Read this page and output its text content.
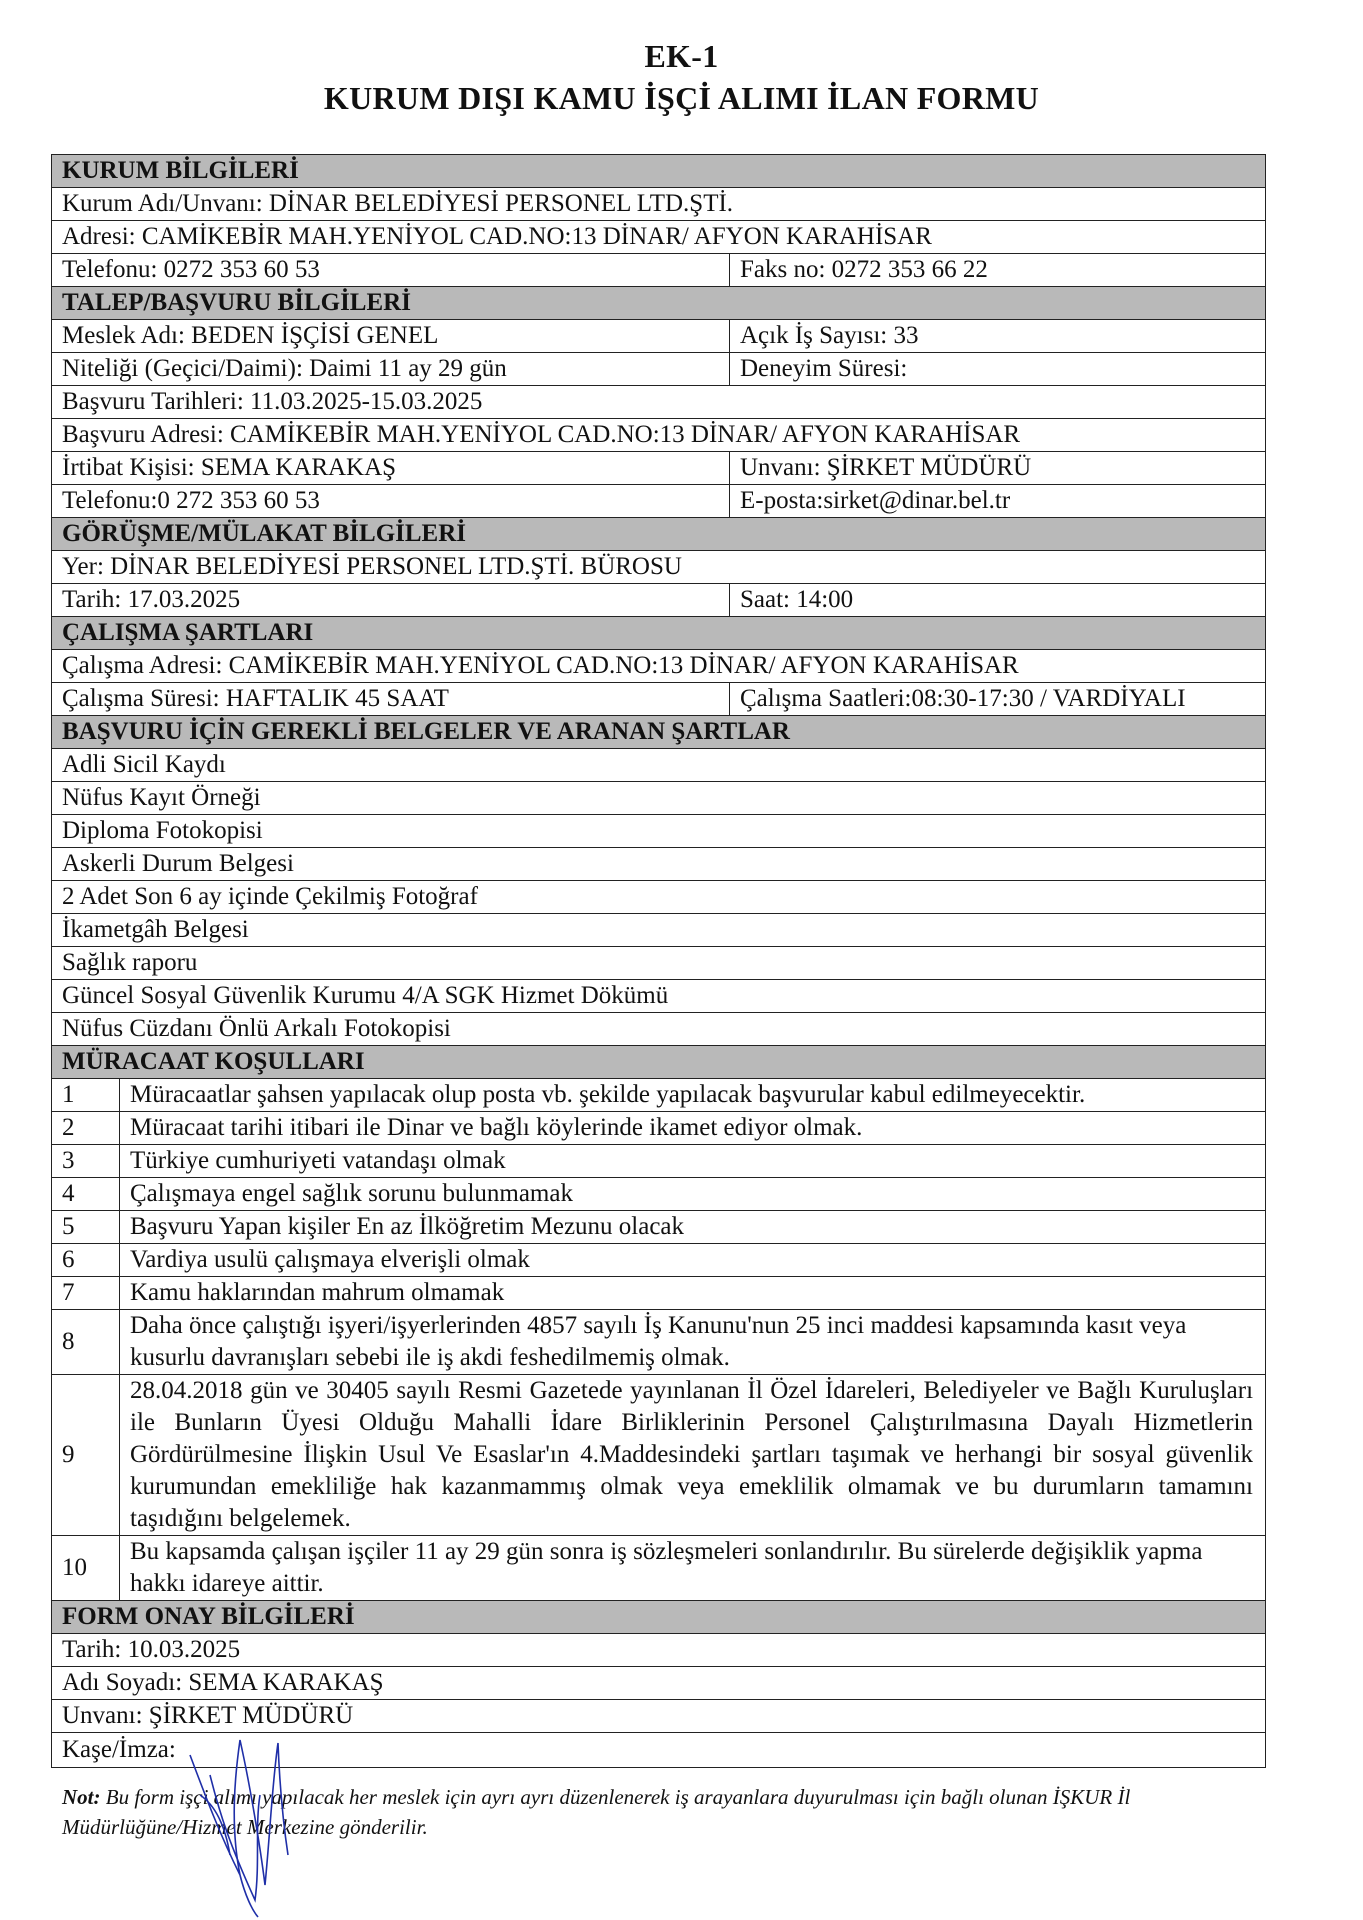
EK-1
KURUM DIŞI KAMU İŞÇİ ALIMI İLAN FORMU
KURUM BİLGİLERİ		
Kurum Adı/Unvanı: DİNAR BELEDİYESİ PERSONEL LTD.ŞTİ.		
Adresi: CAMİKEBİR MAH.YENİYOL CAD.NO:13 DİNAR/ AFYON KARAHİSAR		
Telefonu: 0272 353 60 53		Faks no: 0272 353 66 22
TALEP/BAŞVURU BİLGİLERİ		
Meslek Adı: BEDEN İŞÇİSİ GENEL		Açık İş Sayısı: 33
Niteliği (Geçici/Daimi): Daimi 11 ay 29 gün		Deneyim Süresi:
Başvuru Tarihleri: 11.03.2025-15.03.2025		
Başvuru Adresi: CAMİKEBİR MAH.YENİYOL CAD.NO:13 DİNAR/ AFYON KARAHİSAR		
İrtibat Kişisi: SEMA KARAKAŞ		Unvanı: ŞİRKET MÜDÜRÜ
Telefonu:0 272 353 60 53		E-posta:sirket@dinar.bel.tr
GÖRÜŞME/MÜLAKAT BİLGİLERİ		
Yer: DİNAR BELEDİYESİ PERSONEL LTD.ŞTİ. BÜROSU		
Tarih: 17.03.2025		Saat: 14:00
ÇALIŞMA ŞARTLARI		
Çalışma Adresi: CAMİKEBİR MAH.YENİYOL CAD.NO:13 DİNAR/ AFYON KARAHİSAR		
Çalışma Süresi: HAFTALIK 45 SAAT		Çalışma Saatleri:08:30-17:30 / VARDİYALI
BAŞVURU İÇİN GEREKLİ BELGELER VE ARANAN ŞARTLAR		
Adli Sicil Kaydı		
Nüfus Kayıt Örneği		
Diploma Fotokopisi		
Askerli Durum Belgesi		
2 Adet Son 6 ay içinde Çekilmiş Fotoğraf		
İkametgâh Belgesi		
Sağlık raporu		
Güncel Sosyal Güvenlik Kurumu 4/A SGK Hizmet Dökümü		
Nüfus Cüzdanı Önlü Arkalı Fotokopisi		
MÜRACAAT KOŞULLARI		
1	Müracaatlar şahsen yapılacak olup posta vb. şekilde yapılacak başvurular kabul edilmeyecektir.	
2	Müracaat tarihi itibari ile Dinar ve bağlı köylerinde ikamet ediyor olmak.	
3	Türkiye cumhuriyeti vatandaşı olmak	
4	Çalışmaya engel sağlık sorunu bulunmamak	
5	Başvuru Yapan kişiler En az İlköğretim Mezunu olacak	
6	Vardiya usulü çalışmaya elverişli olmak	
7	Kamu haklarından mahrum olmamak	
8	Daha önce çalıştığı işyeri/işyerlerinden 4857 sayılı İş Kanunu'nun 25 inci maddesi kapsamında kasıt veya kusurlu davranışları sebebi ile iş akdi feshedilmemiş olmak.	
9	28.04.2018 gün ve 30405 sayılı Resmi Gazetede yayınlanan İl Özel İdareleri, Belediyeler ve Bağlı Kuruluşları ile Bunların Üyesi Olduğu Mahalli İdare Birliklerinin Personel Çalıştırılmasına Dayalı Hizmetlerin Gördürülmesine İlişkin Usul Ve Esaslar'ın 4.Maddesindeki şartları taşımak ve herhangi bir sosyal güvenlik kurumundan emekliliğe hak kazanmammış olmak veya emeklilik olmamak ve bu durumların tamamını taşıdığını belgelemek.	
10	Bu kapsamda çalışan işçiler 11 ay 29 gün sonra iş sözleşmeleri sonlandırılır. Bu sürelerde değişiklik yapma hakkı idareye aittir.	
FORM ONAY BİLGİLERİ		
Tarih: 10.03.2025		
Adı Soyadı: SEMA KARAKAŞ		
Unvanı: ŞİRKET MÜDÜRÜ		
Kaşe/İmza:		
Not: Bu form işçi alımı yapılacak her meslek için ayrı ayrı düzenlenerek iş arayanlara duyurulması için bağlı olunan İŞKUR İl Müdürlüğüne/Hizmet Merkezine gönderilir.
